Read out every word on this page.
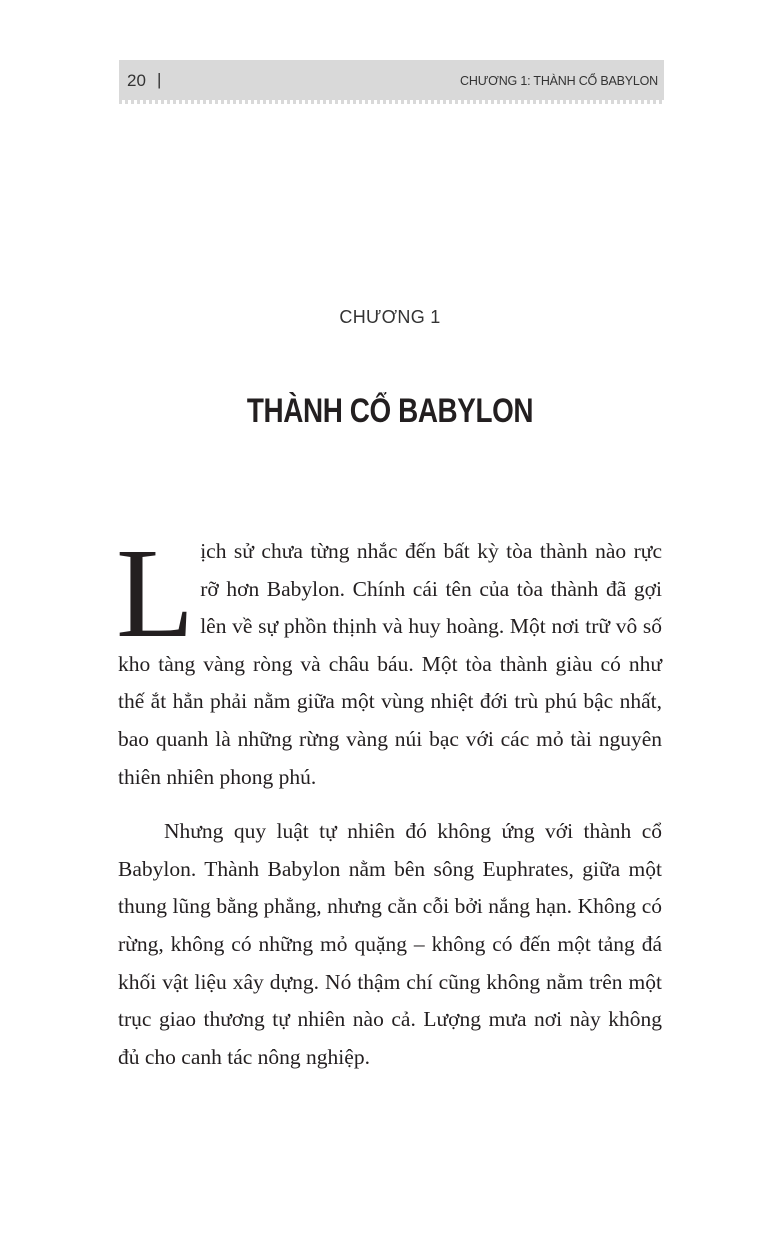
20 |	CHƯƠNG 1: THÀNH CỔ BABYLON
CHƯƠNG 1
THÀNH CỔ BABYLON

Lịch sử chưa từng nhắc đến bất kỳ tòa thành nào rực rỡ hơn Babylon. Chính cái tên của tòa thành đã gợi lên về sự phồn thịnh và huy hoàng. Một nơi trữ vô số kho tàng vàng ròng và châu báu. Một tòa thành giàu có như thế ắt hẳn phải nằm giữa một vùng nhiệt đới trù phú bậc nhất, bao quanh là những rừng vàng núi bạc với các mỏ tài nguyên thiên nhiên phong phú.

Nhưng quy luật tự nhiên đó không ứng với thành cổ Babylon. Thành Babylon nằm bên sông Euphrates, giữa một thung lũng bằng phẳng, nhưng cằn cỗi bởi nắng hạn. Không có rừng, không có những mỏ quặng – không có đến một tảng đá khối vật liệu xây dựng. Nó thậm chí cũng không nằm trên một trục giao thương tự nhiên nào cả. Lượng mưa nơi này không đủ cho canh tác nông nghiệp.
